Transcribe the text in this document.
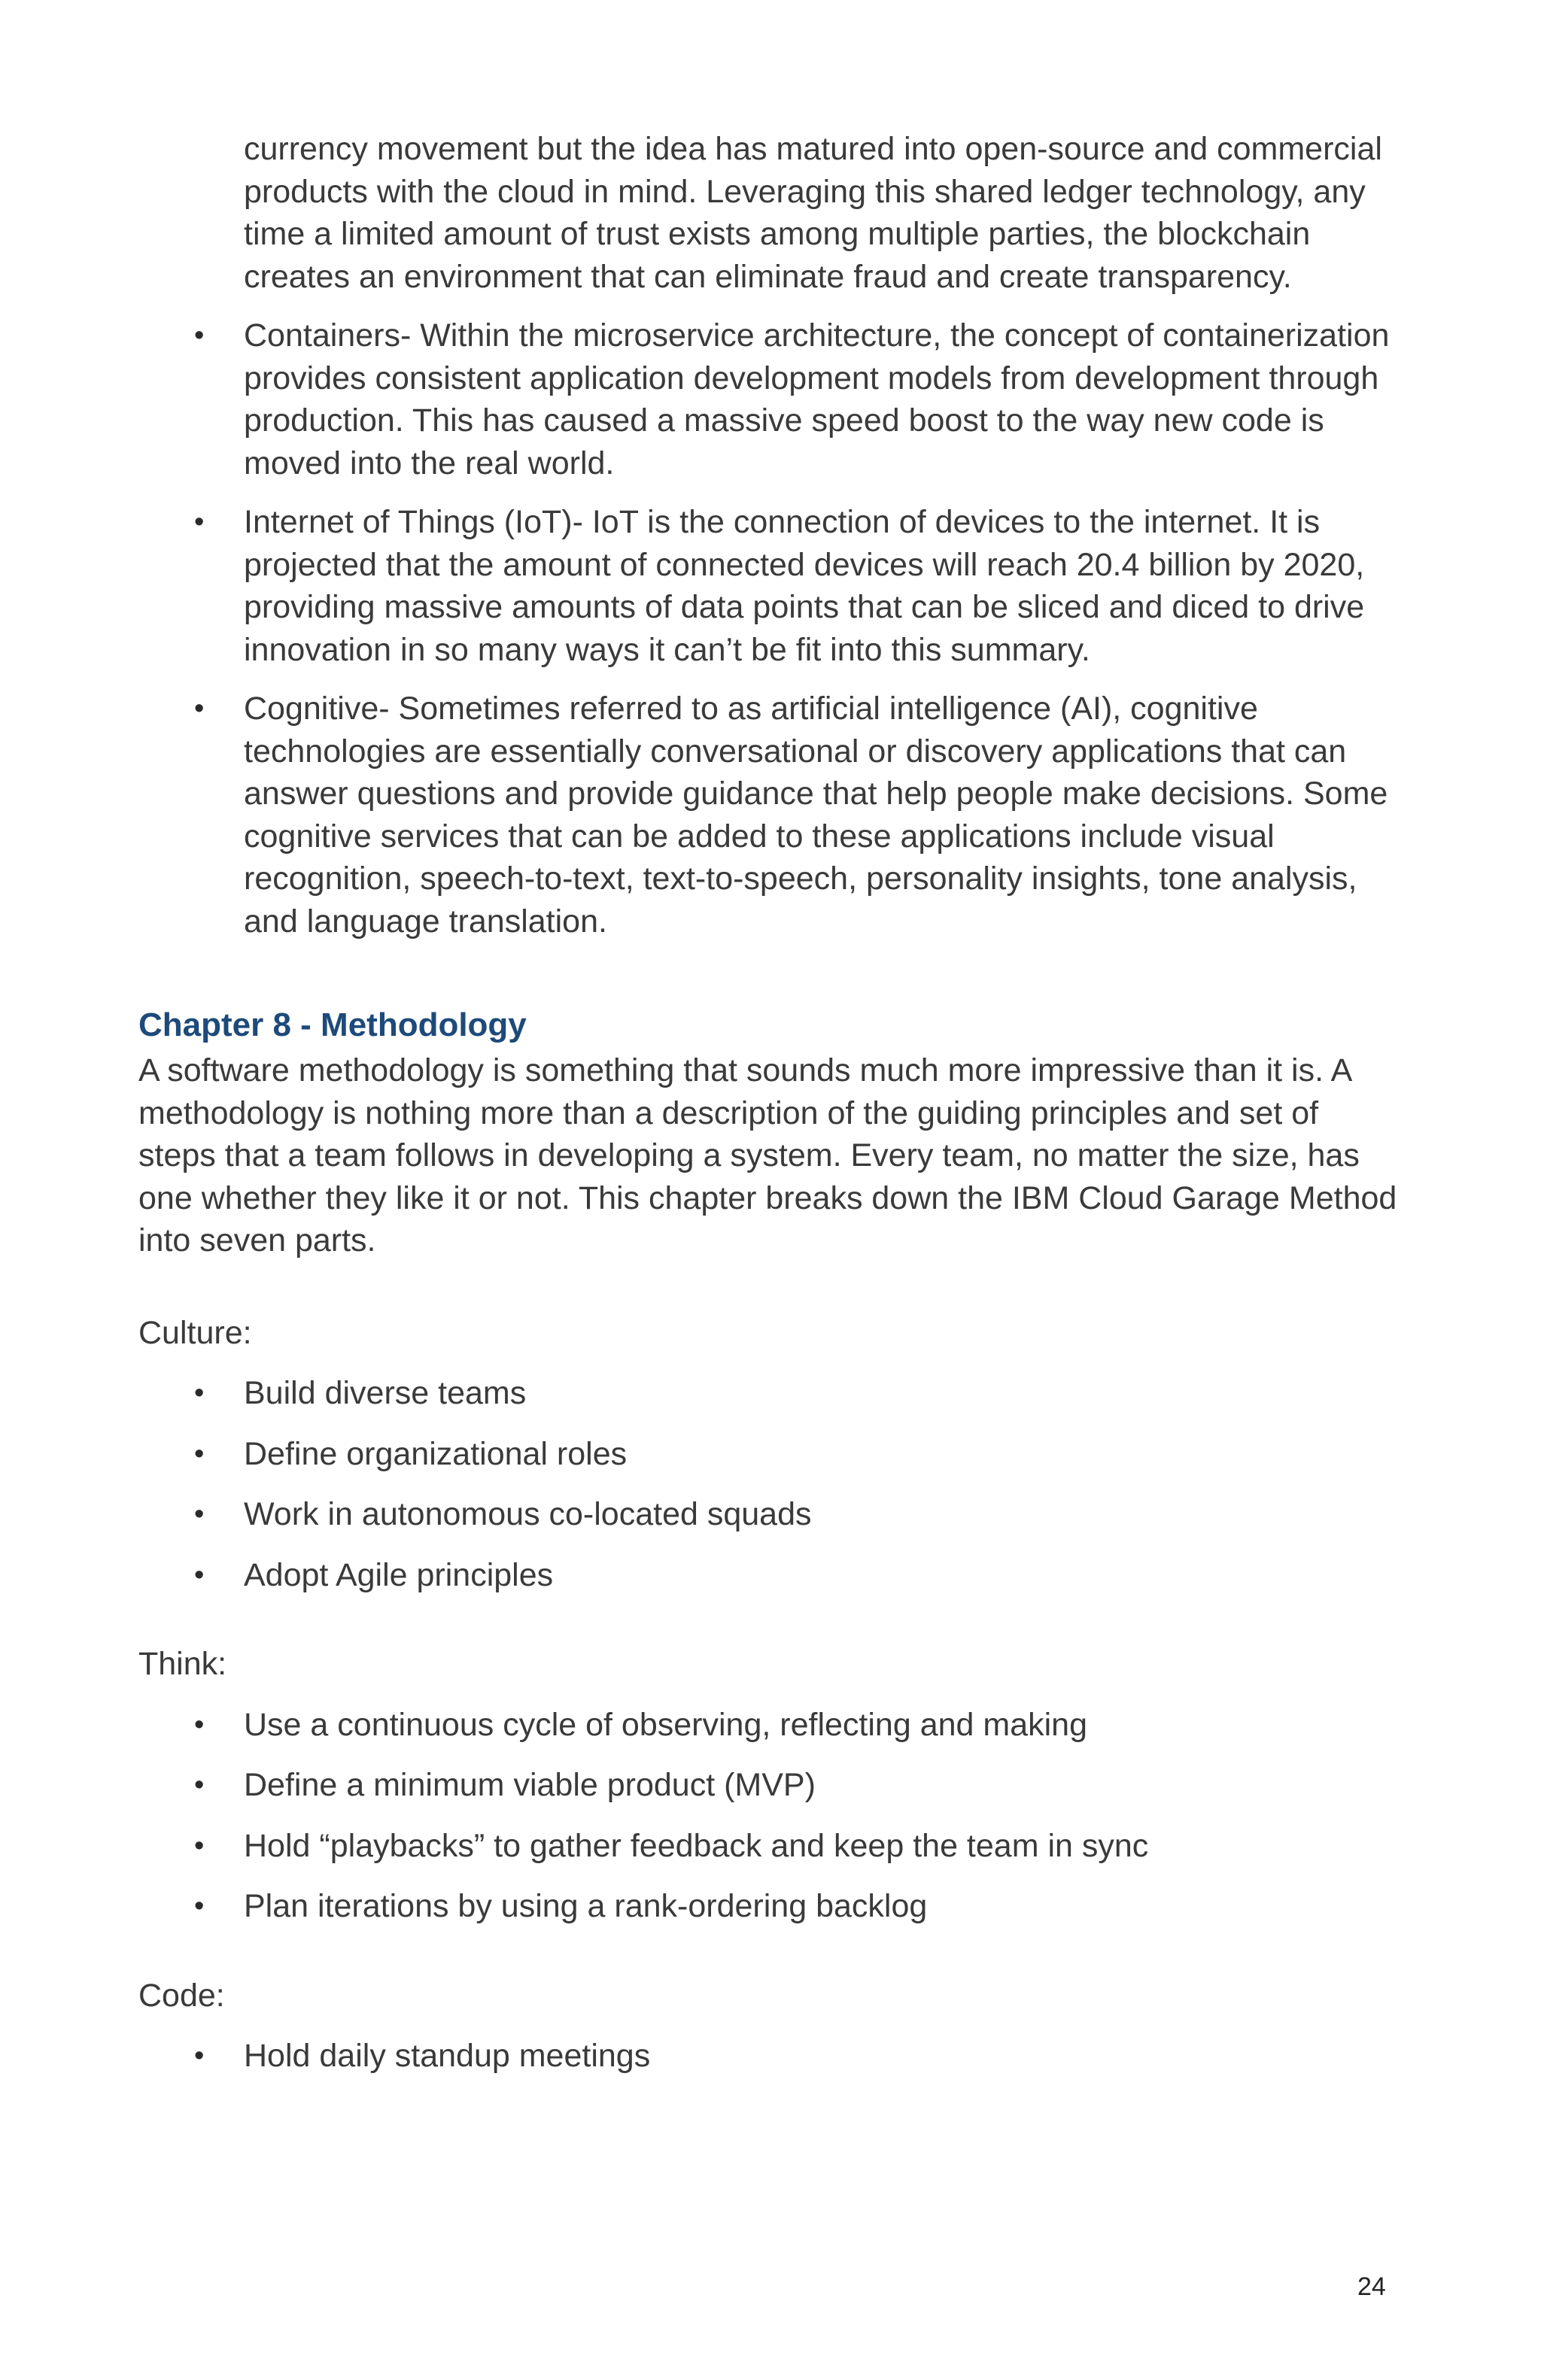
currency movement but the idea has matured into open-source and commercial products with the cloud in mind. Leveraging this shared ledger technology, any time a limited amount of trust exists among multiple parties, the blockchain creates an environment that can eliminate fraud and create transparency.

• Containers- Within the microservice architecture, the concept of containerization provides consistent application development models from development through production. This has caused a massive speed boost to the way new code is moved into the real world.
• Internet of Things (IoT)- IoT is the connection of devices to the internet. It is projected that the amount of connected devices will reach 20.4 billion by 2020, providing massive amounts of data points that can be sliced and diced to drive innovation in so many ways it can’t be fit into this summary.
• Cognitive- Sometimes referred to as artificial intelligence (AI), cognitive technologies are essentially conversational or discovery applications that can answer questions and provide guidance that help people make decisions. Some cognitive services that can be added to these applications include visual recognition, speech-to-text, text-to-speech, personality insights, tone analysis, and language translation.
Chapter 8 - Methodology

A software methodology is something that sounds much more impressive than it is. A methodology is nothing more than a description of the guiding principles and set of steps that a team follows in developing a system. Every team, no matter the size, has one whether they like it or not. This chapter breaks down the IBM Cloud Garage Method into seven parts.

Culture:
• Build diverse teams
• Define organizational roles
• Work in autonomous co-located squads
• Adopt Agile principles
Think:
• Use a continuous cycle of observing, reflecting and making
• Define a minimum viable product (MVP)
• Hold “playbacks” to gather feedback and keep the team in sync
• Plan iterations by using a rank-ordering backlog
Code:
• Hold daily standup meetings
24
